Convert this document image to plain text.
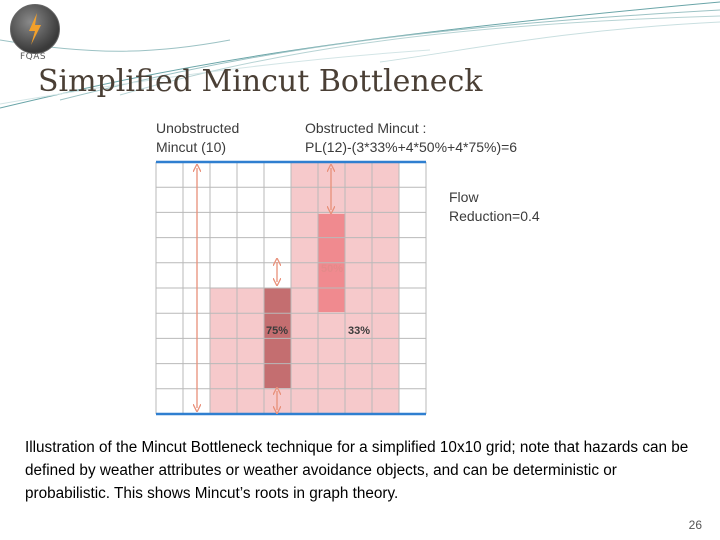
FQAS
Simplified Mincut Bottleneck
Unobstructed
Mincut (10)
Obstructed Mincut :
PL(12)-(3*33%+4*50%+4*75%)=6
Flow
Reduction=0.4
75%
50%
33%

Illustration of the Mincut Bottleneck technique for a simplified 10x10 grid; note that hazards can be defined by weather attributes or weather avoidance objects, and can be deterministic or probabilistic. This shows Mincut’s roots in graph theory.

26
